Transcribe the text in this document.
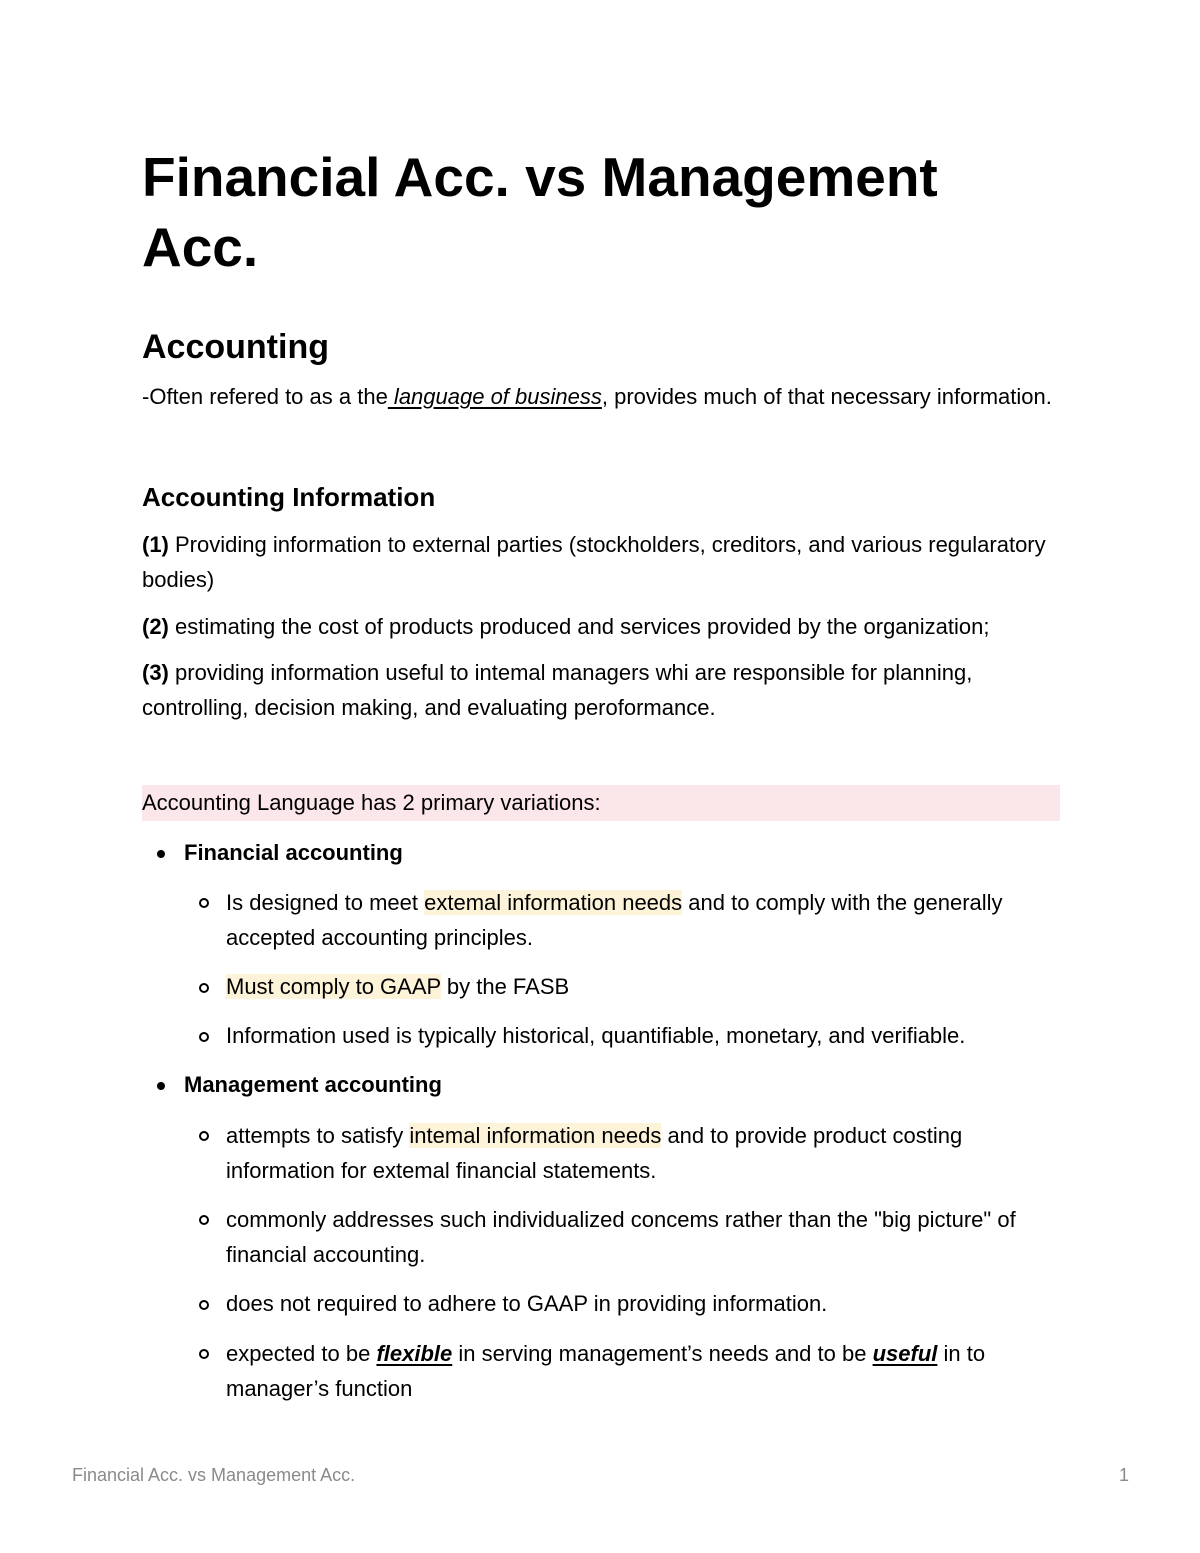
Financial Acc. vs Management Acc.
Accounting

-Often refered to as a the language of business, provides much of that necessary information.

Accounting Information

(1) Providing information to external parties (stockholders, creditors, and various regularatory bodies)

(2) estimating the cost of products produced and services provided by the organization;

(3) providing information useful to intemal managers whi are responsible for planning, controlling, decision making, and evaluating peroformance.

Accounting Language has 2 primary variations:
Financial accounting
Is designed to meet extemal information needs and to comply with the generally accepted accounting principles.
Must comply to GAAP by the FASB
Information used is typically historical, quantifiable, monetary, and verifiable.
Management accounting
attempts to satisfy intemal information needs and to provide product costing information for extemal financial statements.
commonly addresses such individualized concems rather than the "big picture" of financial accounting.
does not required to adhere to GAAP in providing information.
expected to be flexible in serving management’s needs and to be useful in to manager’s function
Financial Acc. vs Management Acc.	1
